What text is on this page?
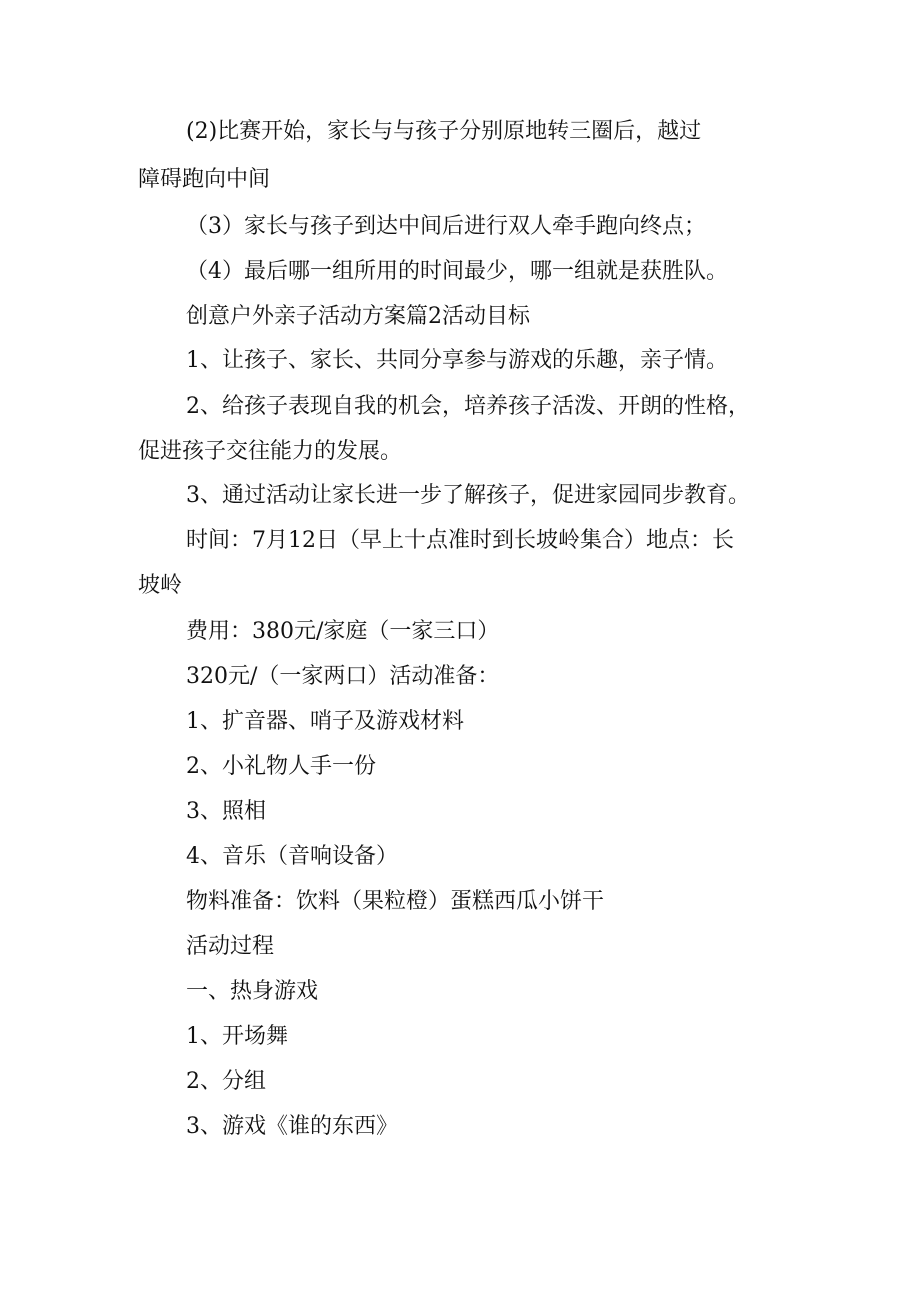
(2)比赛开始，家长与与孩子分别原地转三圈后，越过

障碍跑向中间

（3）家长与孩子到达中间后进行双人牵手跑向终点；

（4）最后哪一组所用的时间最少，哪一组就是获胜队。

创意户外亲子活动方案篇2活动目标

1、让孩子、家长、共同分享参与游戏的乐趣，亲子情。

2、给孩子表现自我的机会，培养孩子活泼、开朗的性格，

促进孩子交往能力的发展。

3、通过活动让家长进一步了解孩子，促进家园同步教育。

时间：7月12日（早上十点准时到长坡岭集合）地点：长

坡岭

费用：380元/家庭（一家三口）

320元/（一家两口）活动准备：

1、扩音器、哨子及游戏材料

2、小礼物人手一份

3、照相

4、音乐（音响设备）

物料准备：饮料（果粒橙）蛋糕西瓜小饼干

活动过程

一、热身游戏

1、开场舞

2、分组

3、游戏《谁的东西》
